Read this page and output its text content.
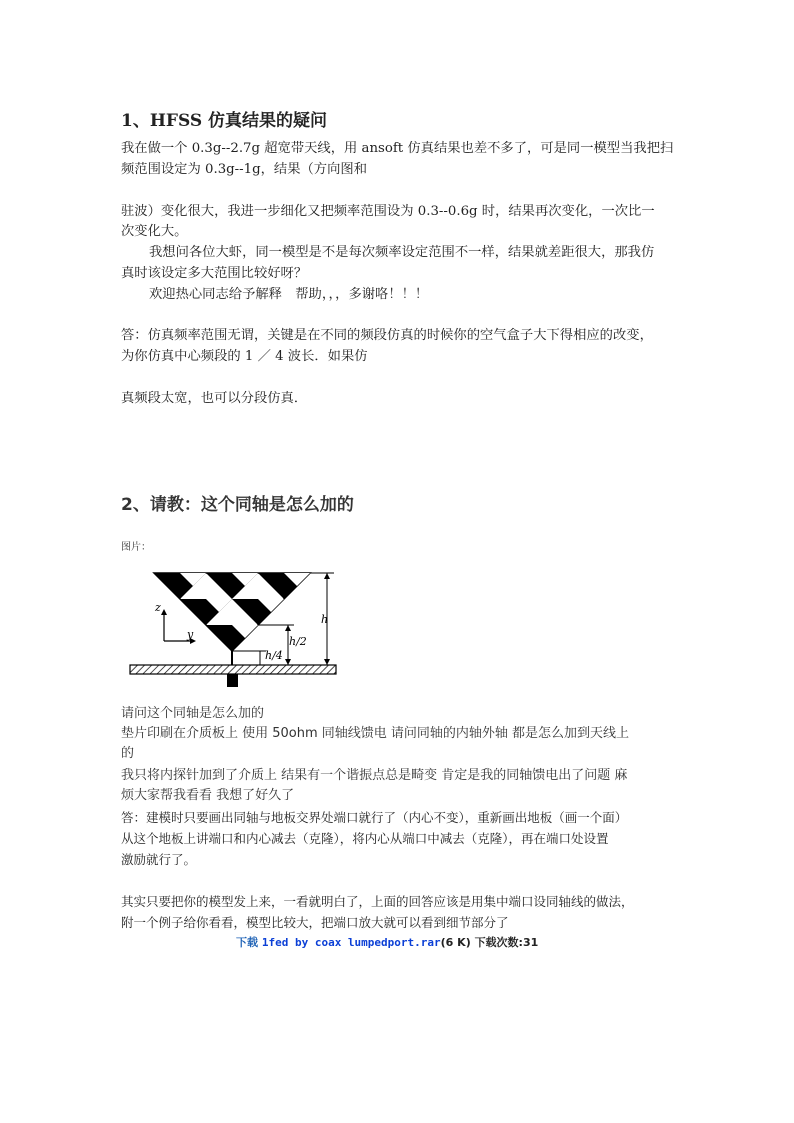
1、HFSS 仿真结果的疑问
我在做一个 0.3g--2.7g 超宽带天线，用 ansoft 仿真结果也差不多了，可是同一模型当我把扫
频范围设定为 0.3g--1g，结果（方向图和
驻波）变化很大，我进一步细化又把频率范围设为 0.3--0.6g 时，结果再次变化，一次比一
次变化大。
我想问各位大虾，同一模型是不是每次频率设定范围不一样，结果就差距很大，那我仿
真时该设定多大范围比较好呀？
欢迎热心同志给予解释　帮助，，，多谢咯！！！
答：仿真频率范围无谓，关键是在不同的频段仿真的时候你的空气盒子大下得相应的改变，
为你仿真中心频段的 1 ／ 4 波长．如果仿
真频段太宽，也可以分段仿真．
2、请教：这个同轴是怎么加的
图片：
z
y
h
h/2
h/4
请问这个同轴是怎么加的
垫片印刷在介质板上 使用 50ohm 同轴线馈电 请问同轴的内轴外轴 都是怎么加到天线上
的
我只将内探针加到了介质上 结果有一个谐振点总是畸变 肯定是我的同轴馈电出了问题 麻
烦大家帮我看看 我想了好久了
答：建模时只要画出同轴与地板交界处端口就行了（内心不变），重新画出地板（画一个面）
从这个地板上讲端口和内心减去（克隆），将内心从端口中减去（克隆），再在端口处设置
激励就行了。
其实只要把你的模型发上来，一看就明白了，上面的回答应该是用集中端口设同轴线的做法，
附一个例子给你看看，模型比较大，把端口放大就可以看到细节部分了
下载 1fed by coax lumpedport.rar(6 K) 下载次数:31
